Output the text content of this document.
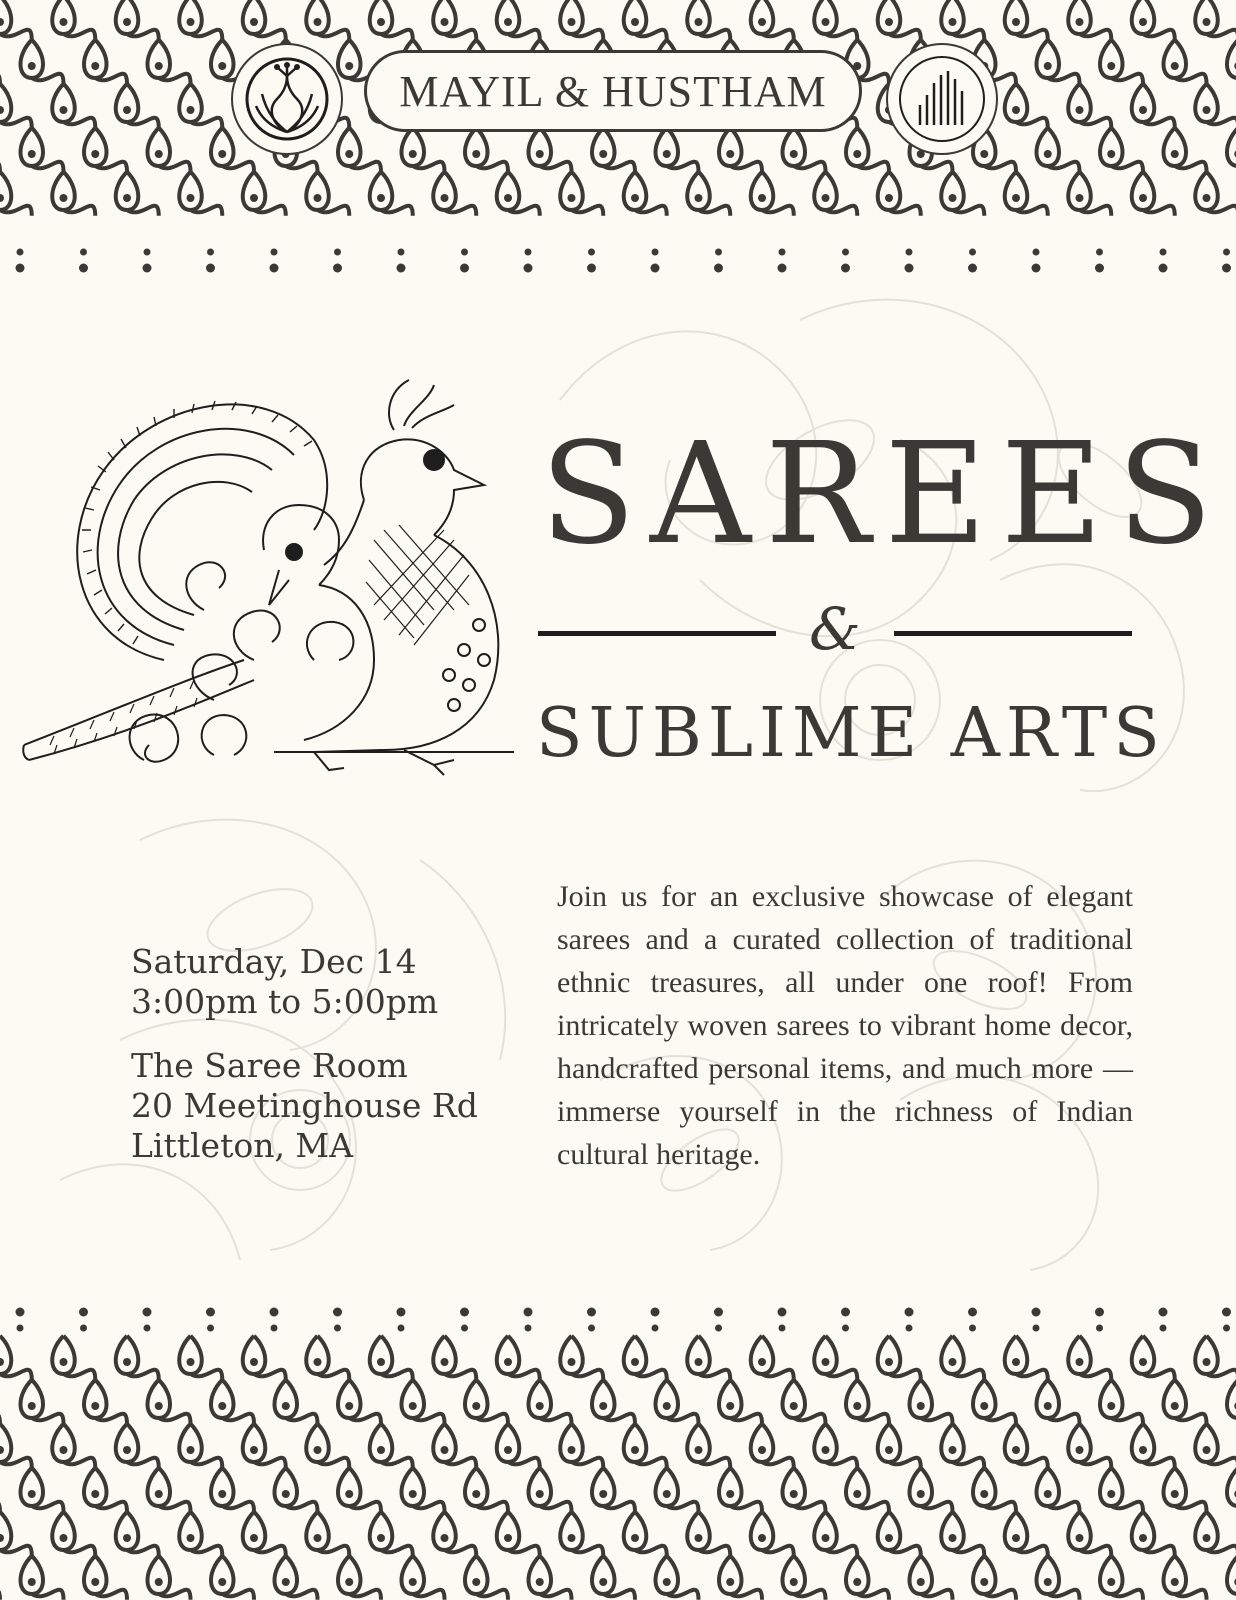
MAYIL & HUSTHAM
SAREES
&
SUBLIME ARTS
Saturday, Dec 14
3:00pm to 5:00pm
The Saree Room
20 Meetinghouse Rd
Littleton, MA
Join us for an exclusive showcase of elegant sarees and a curated collection of traditional ethnic treasures, all under one roof! From intricately woven sarees to vibrant home decor, handcrafted personal items, and much more — immerse yourself in the richness of Indian cultural heritage.
